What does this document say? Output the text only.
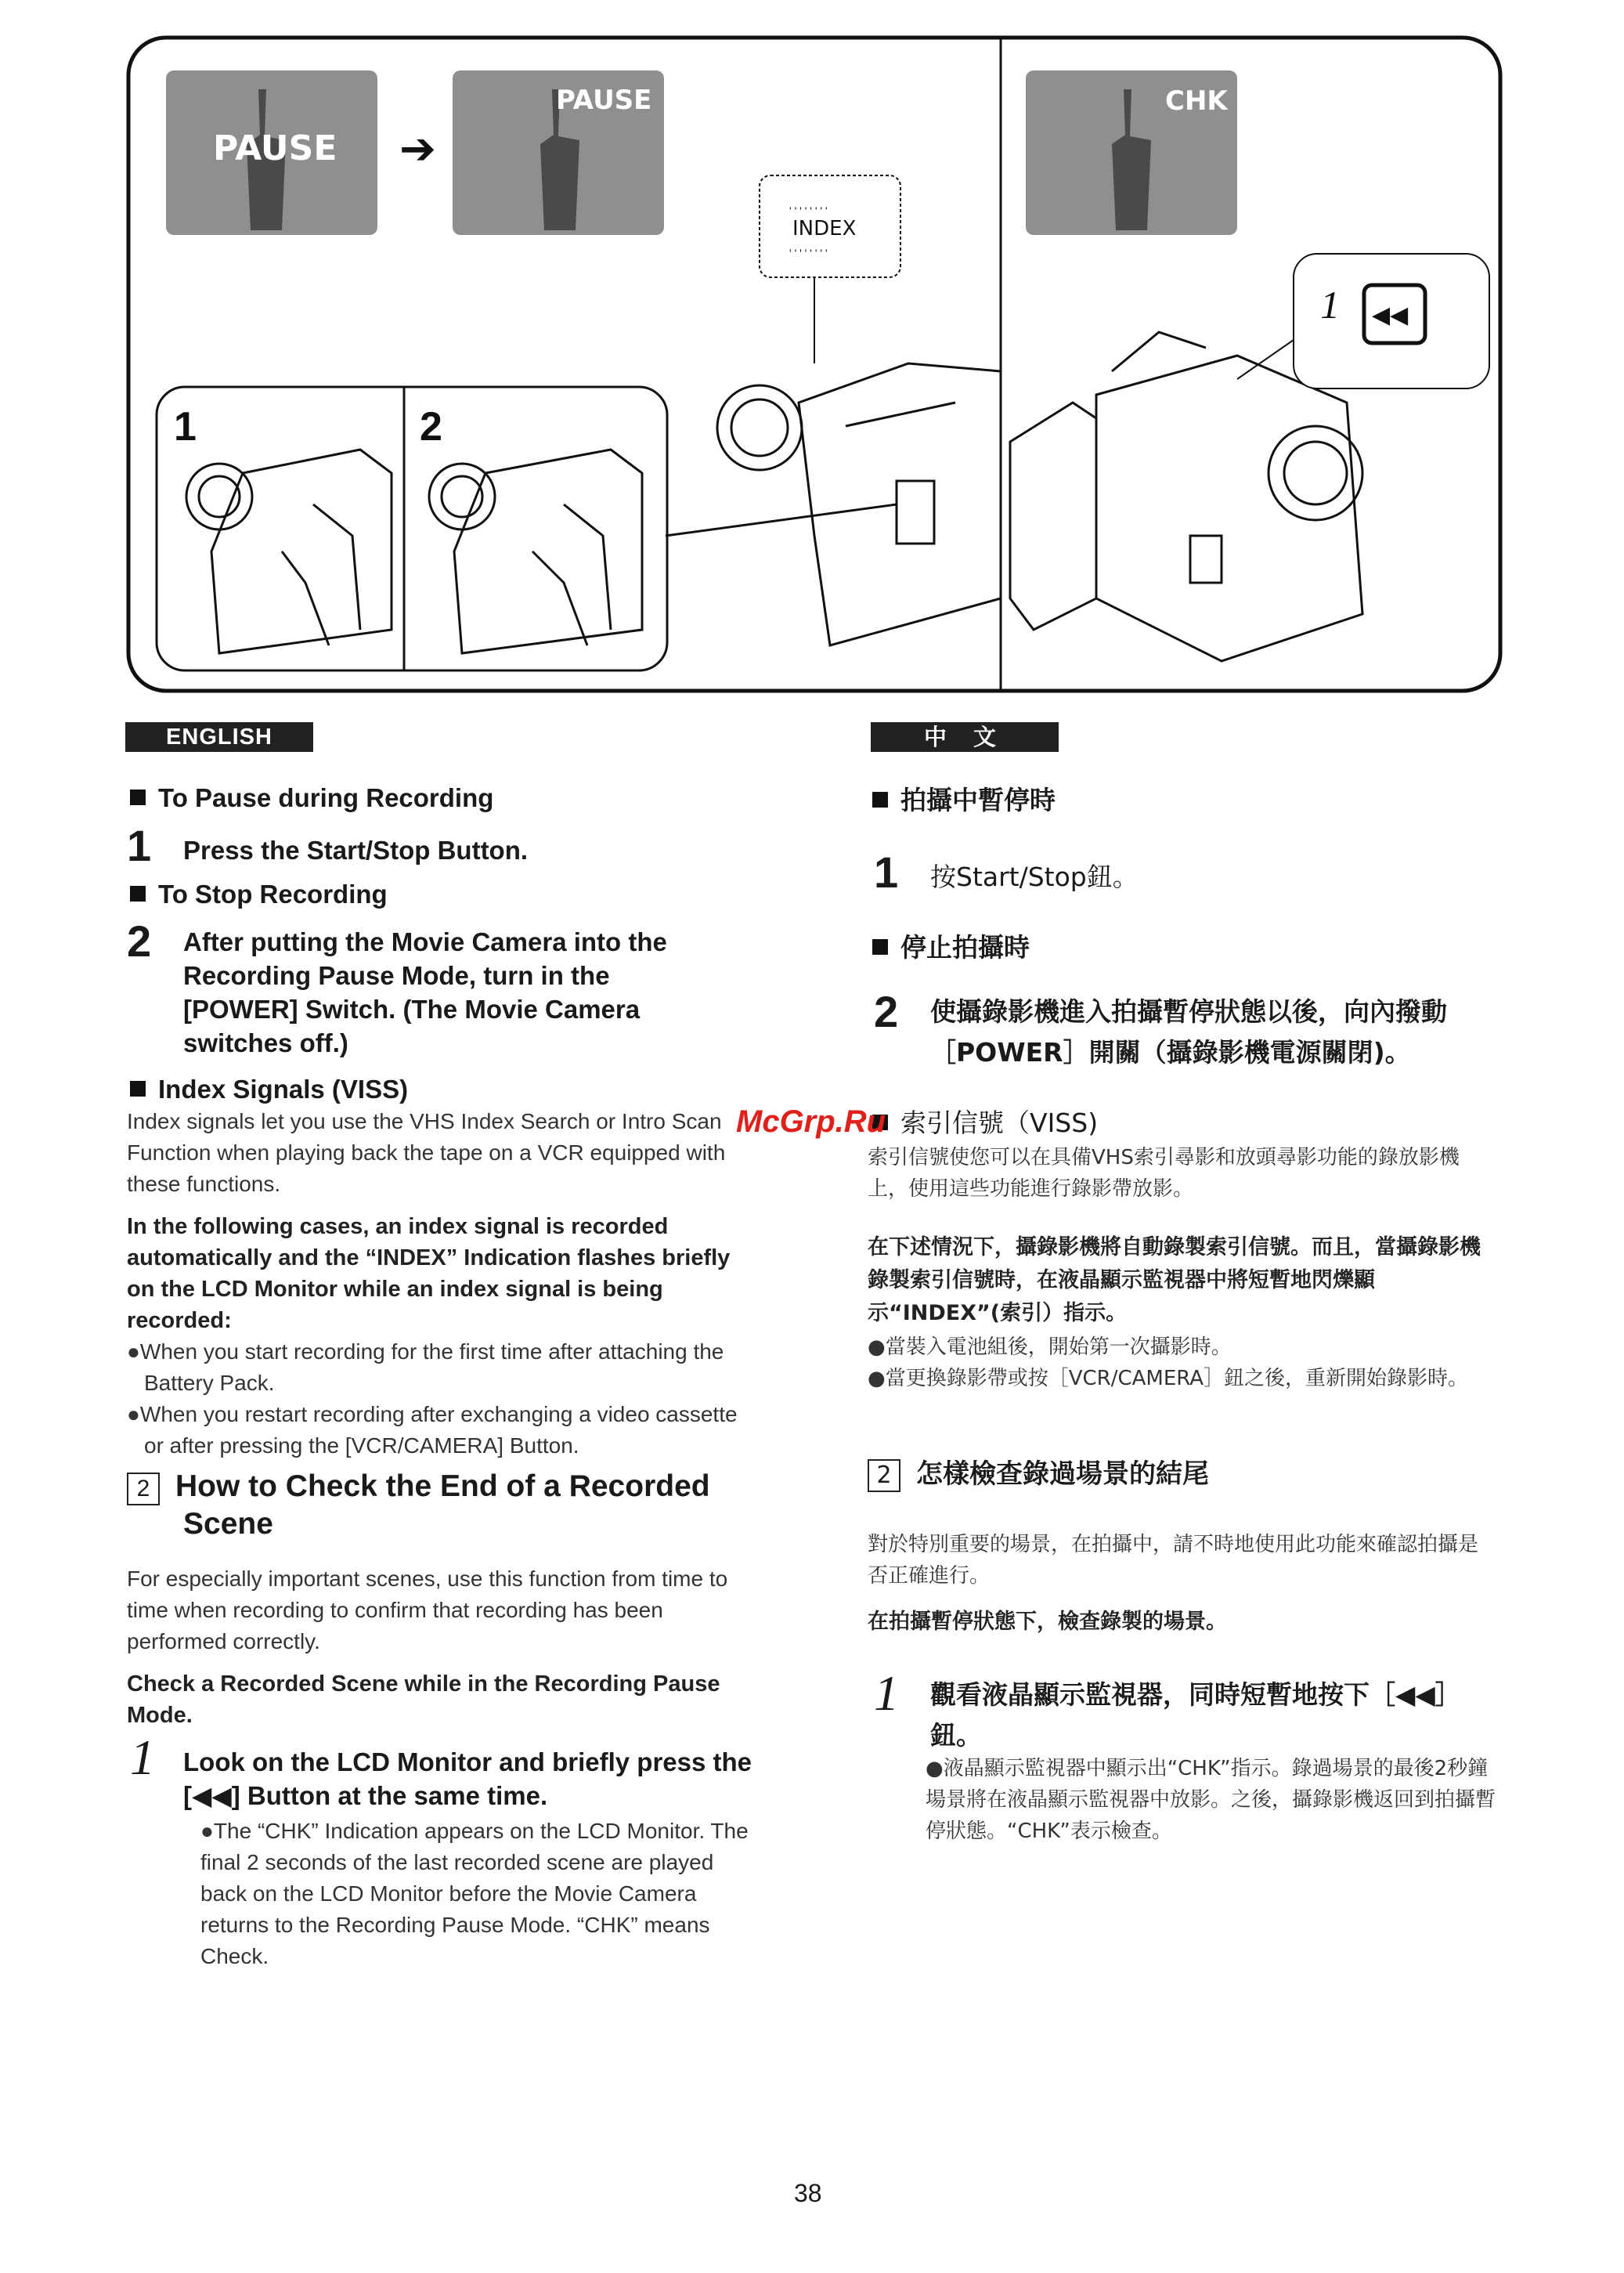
PAUSE ➔
PAUSE
' ' ' ' ' ' ' '
INDEX
' ' ' ' ' ' ' '
CHK
1	2
1 ◀◀
ENGLISH
To Pause during Recording
1 Press the Start/Stop Button.
To Stop Recording
2 After putting the Movie Camera into the Recording Pause Mode, turn in the [POWER] Switch. (The Movie Camera switches off.)
Index Signals (VISS)
Index signals let you use the VHS Index Search or Intro Scan Function when playing back the tape on a VCR equipped with these functions.
In the following cases, an index signal is recorded automatically and the “INDEX” Indication flashes briefly on the LCD Monitor while an index signal is being recorded:
●When you start recording for the first time after attaching the Battery Pack.
●When you restart recording after exchanging a video cassette or after pressing the [VCR/CAMERA] Button.
2 How to Check the End of a Recorded Scene
For especially important scenes, use this function from time to time when recording to confirm that recording has been performed correctly.
Check a Recorded Scene while in the Recording Pause Mode.
1 Look on the LCD Monitor and briefly press the [◀◀] Button at the same time.
●The “CHK” Indication appears on the LCD Monitor. The final 2 seconds of the last recorded scene are played back on the LCD Monitor before the Movie Camera returns to the Recording Pause Mode. “CHK” means Check.
中 文
拍攝中暫停時
1 按Start/Stop鈕。
停止拍攝時
2 使攝錄影機進入拍攝暫停狀態以後，向內撥動［POWER］開關（攝錄影機電源關閉)。
索引信號（VISS)
索引信號使您可以在具備VHS索引尋影和放頭尋影功能的錄放影機上，使用這些功能進行錄影帶放影。
在下述情況下，攝錄影機將自動錄製索引信號。而且，當攝錄影機錄製索引信號時，在液晶顯示監視器中將短暫地閃爍顯示“INDEX”(索引）指示。
●當裝入電池組後，開始第一次攝影時。
●當更換錄影帶或按［VCR/CAMERA］鈕之後，重新開始錄影時。
2 怎樣檢查錄過場景的結尾
對於特別重要的場景，在拍攝中，請不時地使用此功能來確認拍攝是否正確進行。
在拍攝暫停狀態下，檢查錄製的場景。
1 觀看液晶顯示監視器，同時短暫地按下［◀◀］鈕。
●液晶顯示監視器中顯示出“CHK”指示。錄過場景的最後2秒鐘場景將在液晶顯示監視器中放影。之後，攝錄影機返回到拍攝暫停狀態。“CHK”表示檢查。
McGrp.Ru
38
